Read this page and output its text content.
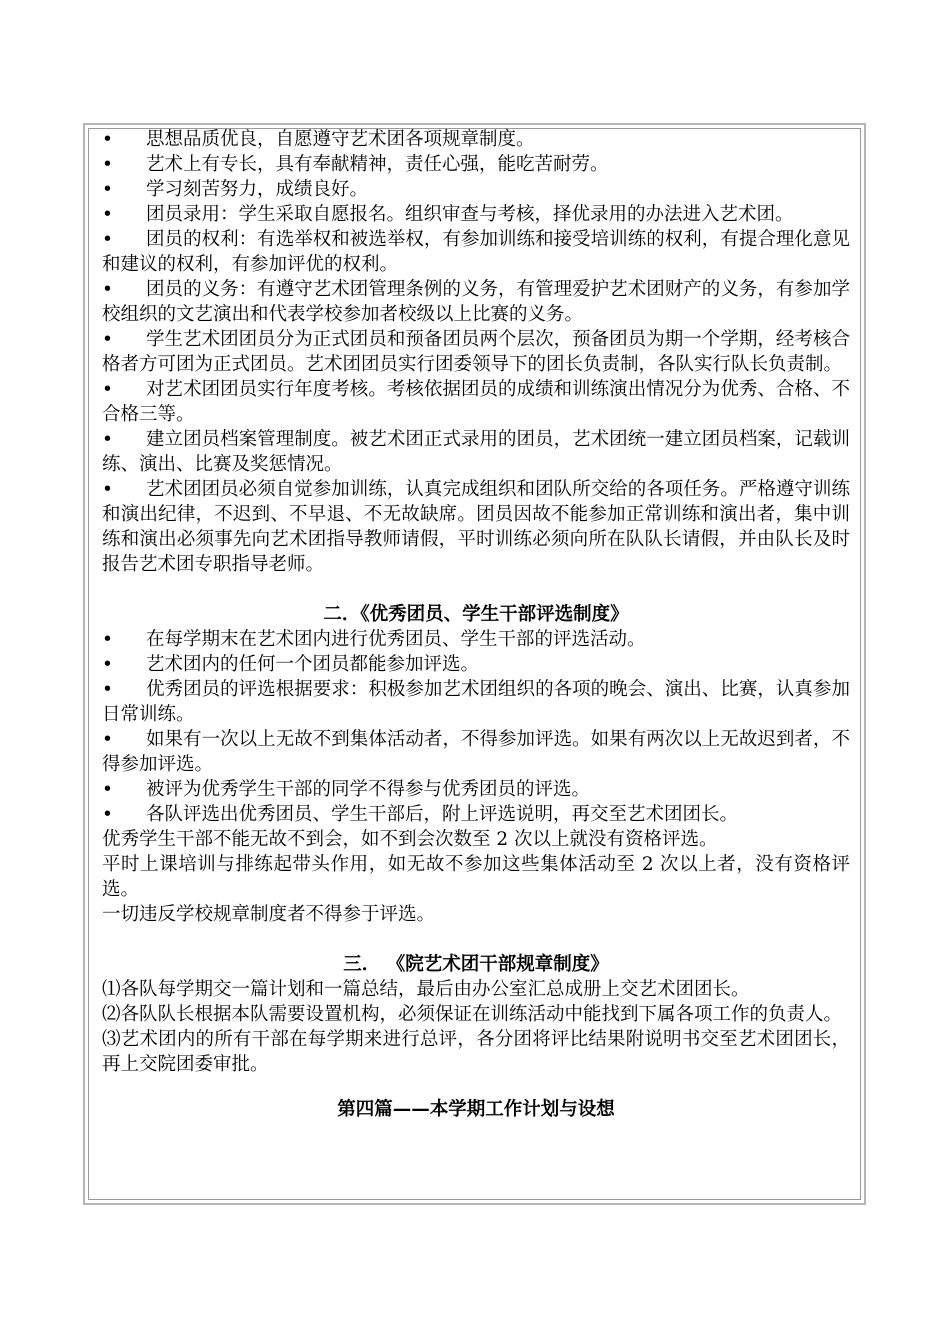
• 思想品质优良，自愿遵守艺术团各项规章制度。

• 艺术上有专长，具有奉献精神，责任心强，能吃苦耐劳。

• 学习刻苦努力，成绩良好。

• 团员录用：学生采取自愿报名。组织审查与考核，择优录用的办法进入艺术团。

• 团员的权利：有选举权和被选举权，有参加训练和接受培训练的权利，有提合理化意见和建议的权利，有参加评优的权利。

• 团员的义务：有遵守艺术团管理条例的义务，有管理爱护艺术团财产的义务，有参加学校组织的文艺演出和代表学校参加者校级以上比赛的义务。

• 学生艺术团团员分为正式团员和预备团员两个层次，预备团员为期一个学期，经考核合格者方可团为正式团员。艺术团团员实行团委领导下的团长负责制，各队实行队长负责制。

• 对艺术团团员实行年度考核。考核依据团员的成绩和训练演出情况分为优秀、合格、不合格三等。

• 建立团员档案管理制度。被艺术团正式录用的团员，艺术团统一建立团员档案，记载训练、演出、比赛及奖惩情况。

• 艺术团团员必须自觉参加训练，认真完成组织和团队所交给的各项任务。严格遵守训练和演出纪律，不迟到、不早退、不无故缺席。团员因故不能参加正常训练和演出者，集中训练和演出必须事先向艺术团指导教师请假，平时训练必须向所在队队长请假，并由队长及时报告艺术团专职指导老师。

二．《优秀团员、学生干部评选制度》

• 在每学期末在艺术团内进行优秀团员、学生干部的评选活动。

• 艺术团内的任何一个团员都能参加评选。

• 优秀团员的评选根据要求：积极参加艺术团组织的各项的晚会、演出、比赛，认真参加日常训练。

• 如果有一次以上无故不到集体活动者，不得参加评选。如果有两次以上无故迟到者，不得参加评选。

• 被评为优秀学生干部的同学不得参与优秀团员的评选。

• 各队评选出优秀团员、学生干部后，附上评选说明，再交至艺术团团长。

优秀学生干部不能无故不到会，如不到会次数至 2 次以上就没有资格评选。

平时上课培训与排练起带头作用，如无故不参加这些集体活动至 2 次以上者，没有资格评选。

一切违反学校规章制度者不得参于评选。

三． 《院艺术团干部规章制度》

⑴各队每学期交一篇计划和一篇总结，最后由办公室汇总成册上交艺术团团长。

⑵各队队长根据本队需要设置机构，必须保证在训练活动中能找到下属各项工作的负责人。

⑶艺术团内的所有干部在每学期来进行总评，各分团将评比结果附说明书交至艺术团团长，再上交院团委审批。

第四篇——本学期工作计划与设想
